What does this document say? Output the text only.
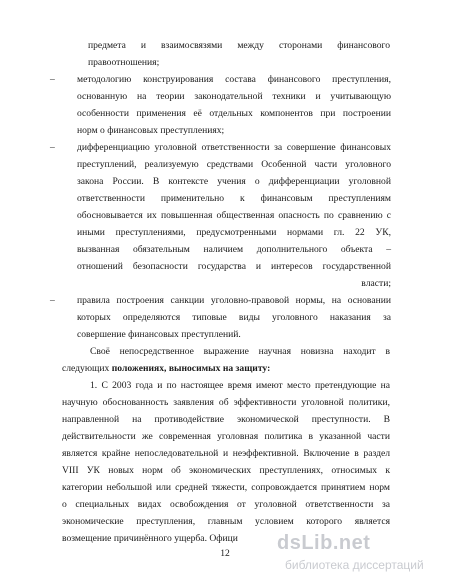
предмета и взаимосвязями между сторонами финансового
правоотношения;
– методологию конструирования состава финансового преступления,
основанную на теории законодательной техники и учитывающую
особенности применения её отдельных компонентов при построении
норм о финансовых преступлениях;
– дифференциацию уголовной ответственности за совершение финансовых
преступлений, реализуемую средствами Особенной части уголовного
закона России. В контексте учения о дифференциации уголовной
ответственности применительно к финансовым преступлениям
обосновывается их повышенная общественная опасность по сравнению с
иными преступлениями, предусмотренными нормами гл. 22 УК,
вызванная обязательным наличием дополнительного объекта –
отношений безопасности государства и интересов государственной
власти;
– правила построения санкции уголовно-правовой нормы, на основании
которых определяются типовые виды уголовного наказания за
совершение финансовых преступлений.
Своё непосредственное выражение научная новизна находит в
следующих положениях, выносимых на защиту:
1. С 2003 года и по настоящее время имеют место претендующие на
научную обоснованность заявления об эффективности уголовной политики,
направленной на противодействие экономической преступности. В
действительности же современная уголовная политика в указанной части
является крайне непоследовательной и неэффективной. Включение в раздел
VIII УК новых норм об экономических преступлениях, относимых к
категории небольшой или средней тяжести, сопровождается принятием норм
о специальных видах освобождения от уголовной ответственности за
экономические преступления, главным условием которого является
возмещение причинённого ущерба. Офици
12	dsLib.net
библиотека диссертаций
